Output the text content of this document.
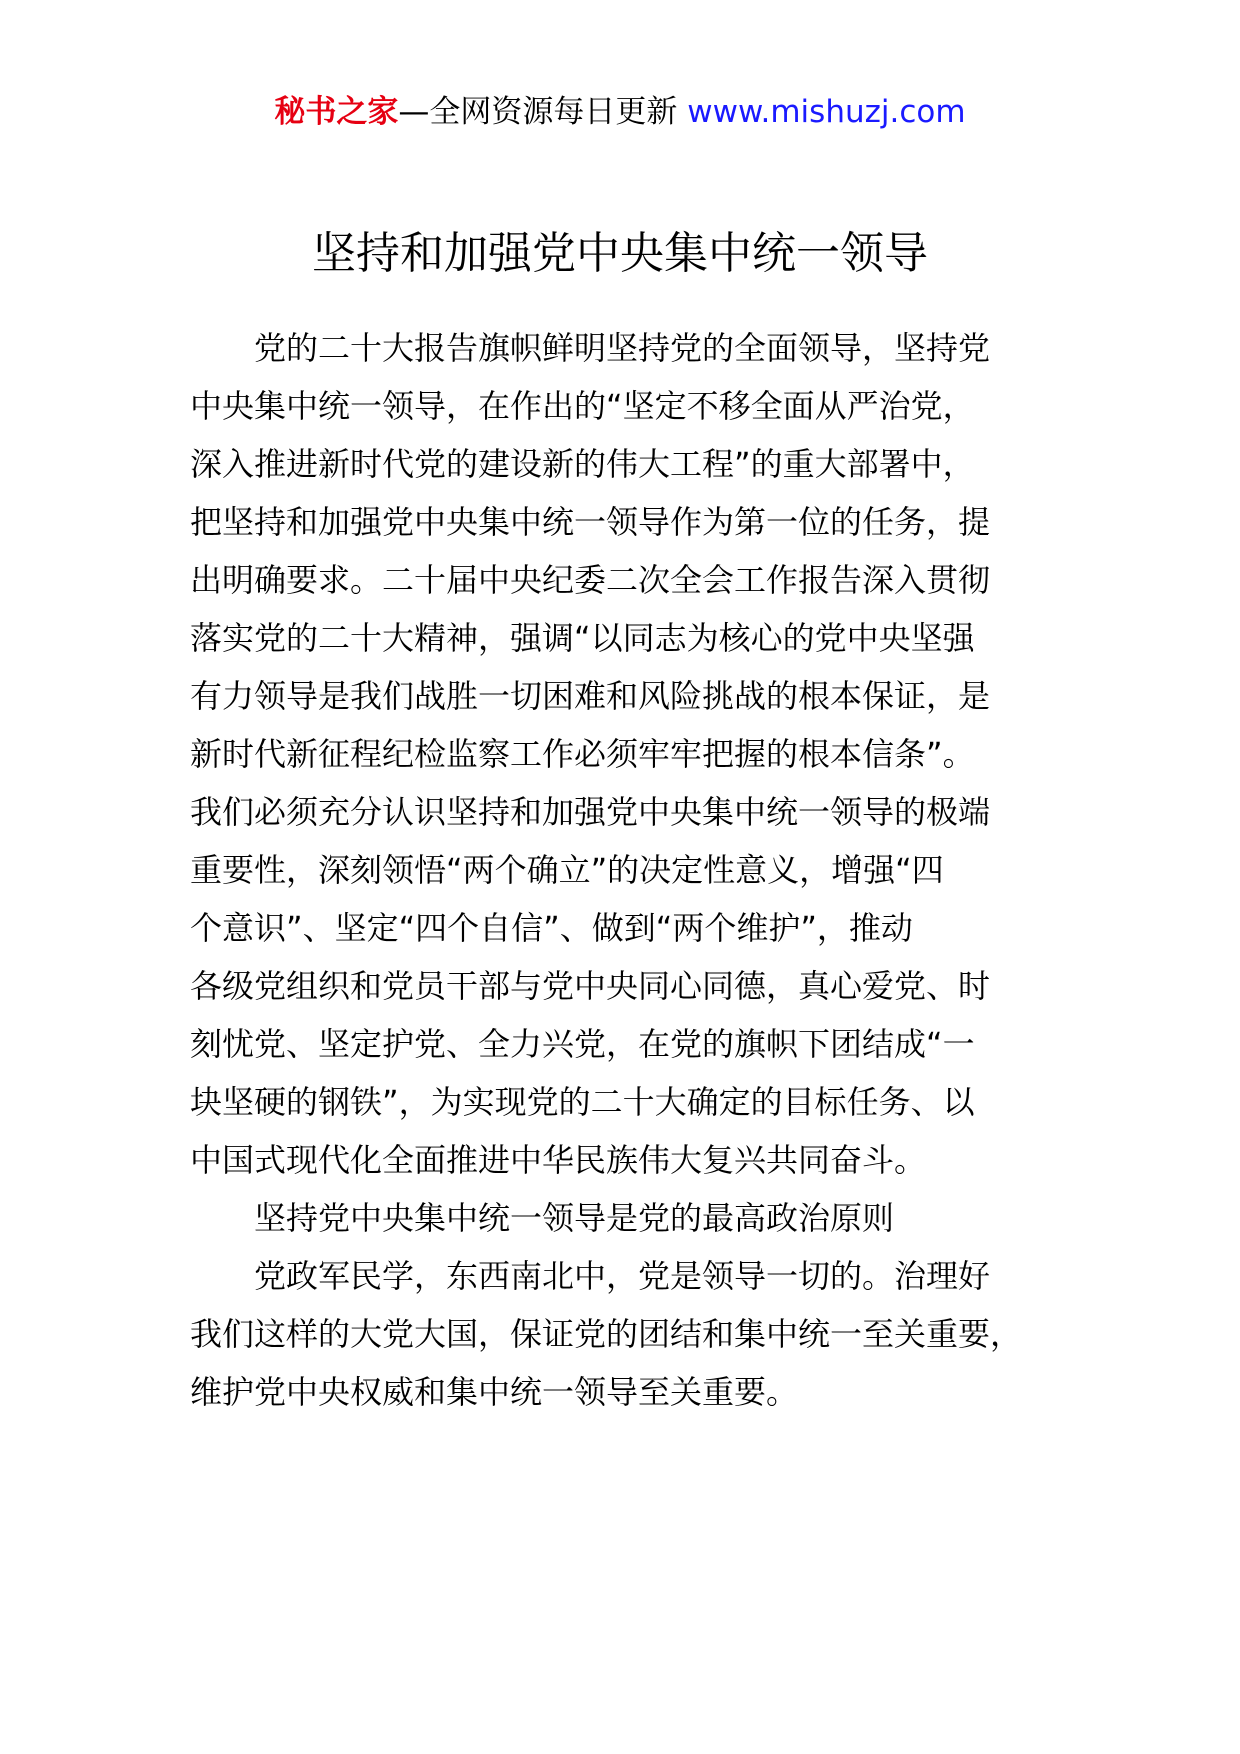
秘书之家—全网资源每日更新 www.mishuzj.com
坚持和加强党中央集中统一领导
党的二十大报告旗帜鲜明坚持党的全面领导，坚持党
中央集中统一领导，在作出的“坚定不移全面从严治党，
深入推进新时代党的建设新的伟大工程”的重大部署中，
把坚持和加强党中央集中统一领导作为第一位的任务，提
出明确要求。二十届中央纪委二次全会工作报告深入贯彻
落实党的二十大精神，强调“以同志为核心的党中央坚强
有力领导是我们战胜一切困难和风险挑战的根本保证，是
新时代新征程纪检监察工作必须牢牢把握的根本信条”。
我们必须充分认识坚持和加强党中央集中统一领导的极端
重要性，深刻领悟“两个确立”的决定性意义，增强“四
个意识”、坚定“四个自信”、做到“两个维护”，推动
各级党组织和党员干部与党中央同心同德，真心爱党、时
刻忧党、坚定护党、全力兴党，在党的旗帜下团结成“一
块坚硬的钢铁”，为实现党的二十大确定的目标任务、以
中国式现代化全面推进中华民族伟大复兴共同奋斗。
坚持党中央集中统一领导是党的最高政治原则
党政军民学，东西南北中，党是领导一切的。治理好
我们这样的大党大国，保证党的团结和集中统一至关重要，
维护党中央权威和集中统一领导至关重要。
